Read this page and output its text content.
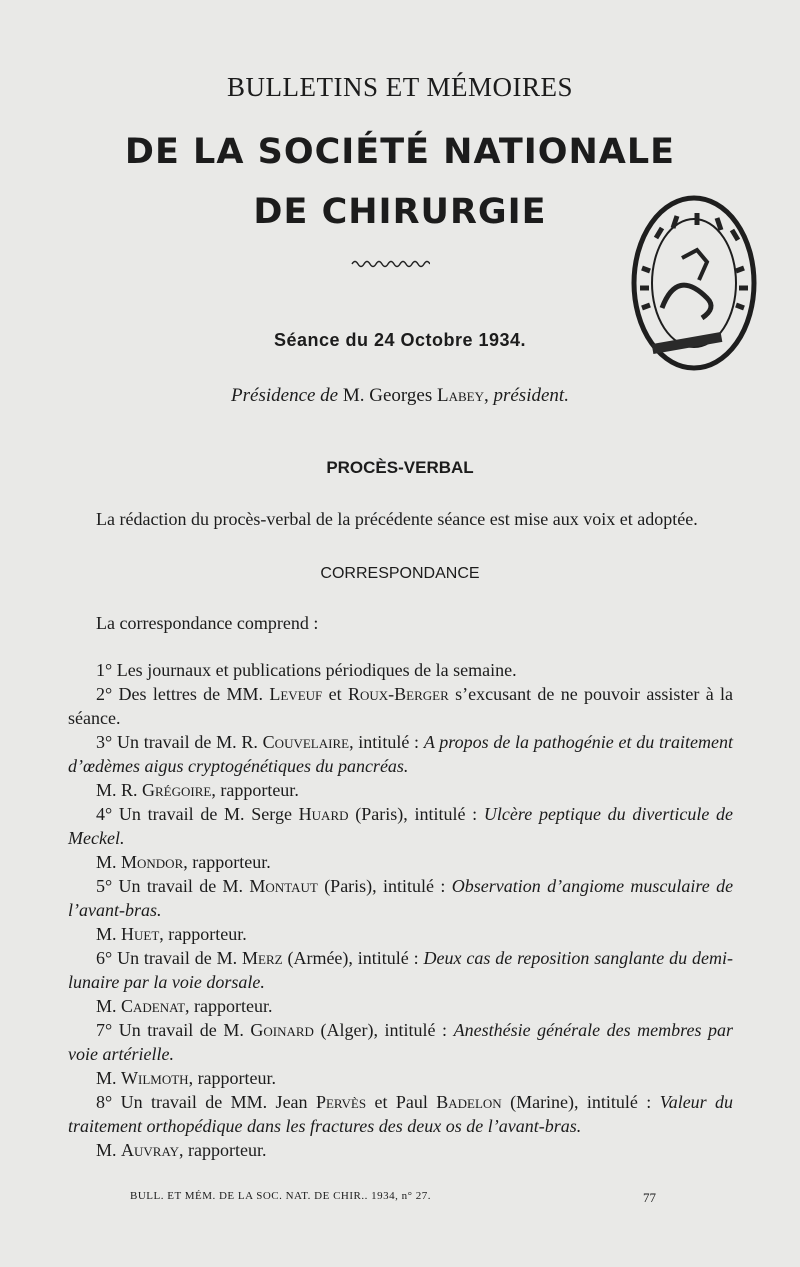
BULLETINS ET MÉMOIRES
DE LA SOCIÉTÉ NATIONALE
DE CHIRURGIE
Séance du 24 Octobre 1934.
Présidence de M. Georges Labey, président.
PROCÈS-VERBAL

La rédaction du procès-verbal de la précédente séance est mise aux voix et adoptée.

CORRESPONDANCE

La correspondance comprend :

1° Les journaux et publications périodiques de la semaine.

2° Des lettres de MM. Leveuf et Roux-Berger s’excusant de ne pouvoir assister à la séance.

3° Un travail de M. R. Couvelaire, intitulé : A propos de la pathogénie et du traitement d’œdèmes aigus cryptogénétiques du pancréas.

M. R. Grégoire, rapporteur.

4° Un travail de M. Serge Huard (Paris), intitulé : Ulcère peptique du diverticule de Meckel.

M. Mondor, rapporteur.

5° Un travail de M. Montaut (Paris), intitulé : Observation d’angiome musculaire de l’avant-bras.

M. Huet, rapporteur.

6° Un travail de M. Merz (Armée), intitulé : Deux cas de reposition sanglante du demi-lunaire par la voie dorsale.

M. Cadenat, rapporteur.

7° Un travail de M. Goinard (Alger), intitulé : Anesthésie générale des membres par voie artérielle.

M. Wilmoth, rapporteur.

8° Un travail de MM. Jean Pervès et Paul Badelon (Marine), intitulé : Valeur du traitement orthopédique dans les fractures des deux os de l’avant-bras.

M. Auvray, rapporteur.

BULL. ET MÉM. DE LA SOC. NAT. DE CHIR.. 1934, n° 27.	77
